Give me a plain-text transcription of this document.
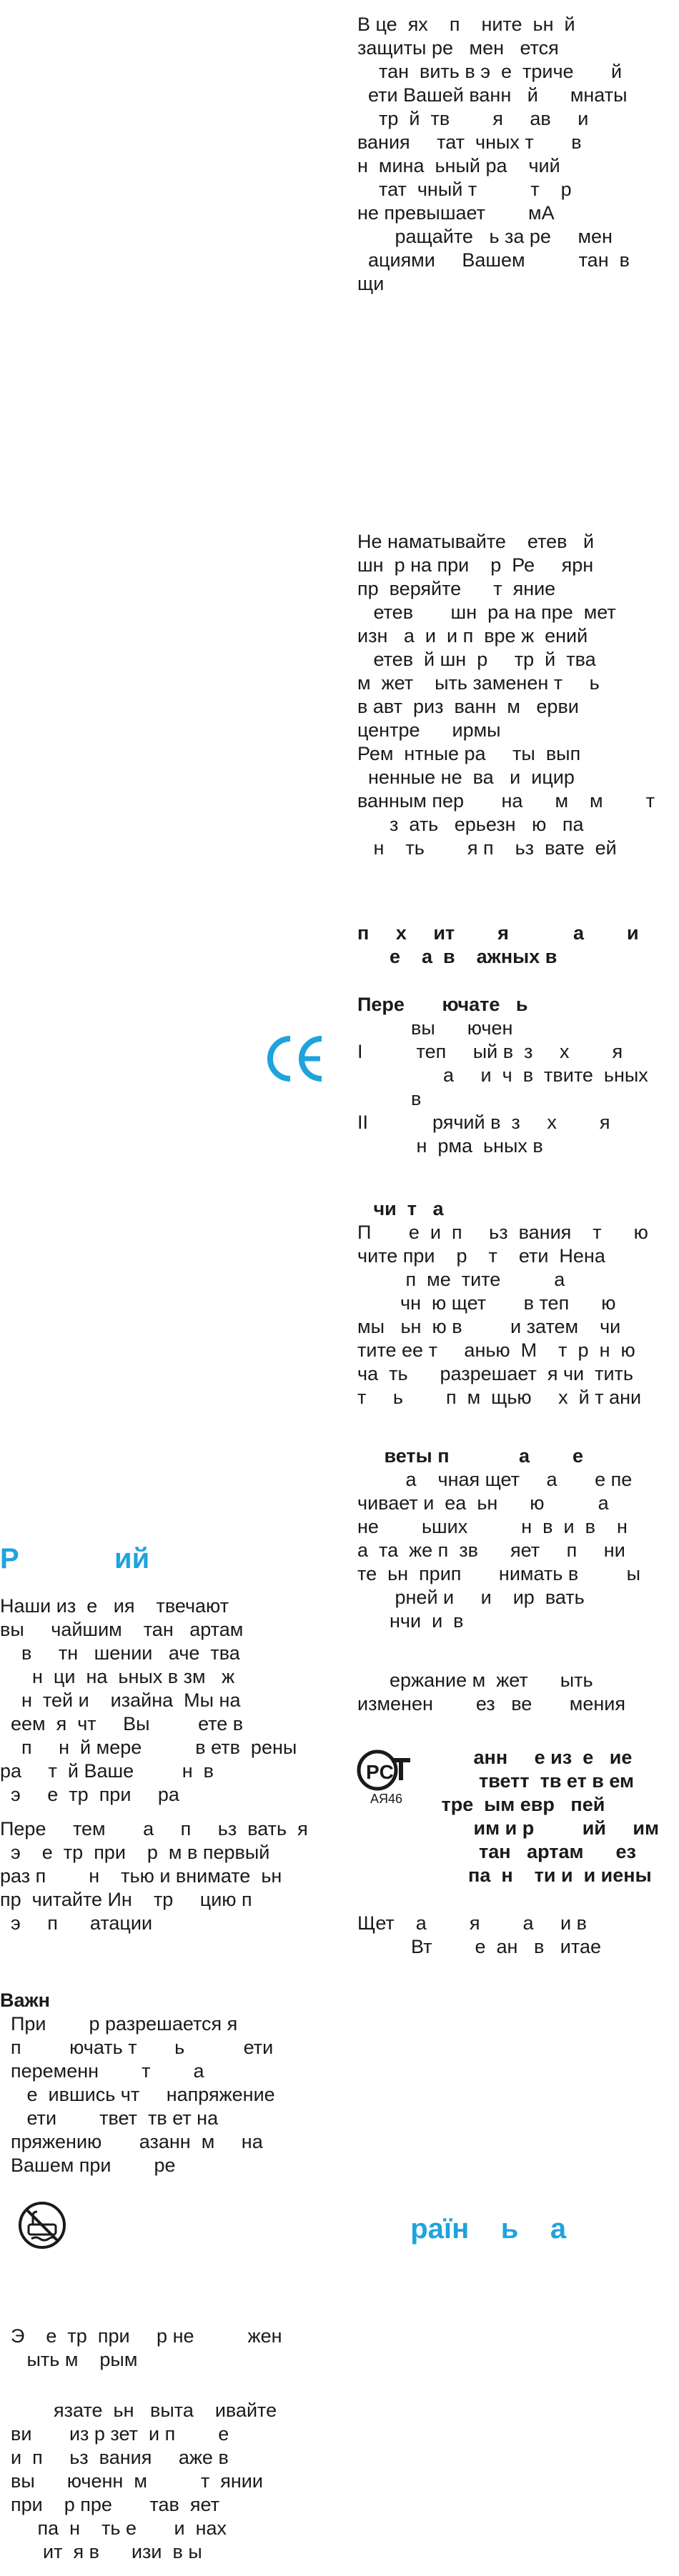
В це  ях    п    ните  ьн  й

защиты ре   мен   ется

тан  вить в э  е  триче       й

ети Вашей ванн   й      мнаты

тр  й  тв        я     ав     и

вания     тат  чных т       в

н  мина  ьный ра    чий

тат  чный т          т    р

не превышает        мА

ращайте   ь за ре     мен

ациями     Вашем          тан  в

щи

Не наматывайте    етев   й

шн  р на при    р  Ре     ярн

пр  веряйте      т  яние

етев       шн  ра на пре  мет

изн   а  и  и п  врe ж  ений

етев  й шн  р     тр  й  тва

м  жет    ыть заменен т     ь

в авт  риз  ванн  м   ерви

центре      ирмы

Рем  нтные ра     ты  вып

ненные не  ва   и  ицир

ванным пер       на      м    м        т

з  ать   ерьезн   ю   па

н    ть        я п    ьз  вате  ей

п     х     ит        я            а        и

е    а  в    ажных в

Пере       ючате   ь

вы      ючен

I          теп     ый в  з     х        я

а     и  ч  в  твите  ьных

в

II            рячий в  з     х        я

н  рма  ьных в

чи  т   а

П       е  и  п     ьз  вания    т      ю

чите при    р    т    ети  Нена

п  ме  тите          а

чн  ю щет       в теп      ю

мы   ьн  ю в         и затем    чи

тите ее т     анью  М    т  р  н  ю

ча  ть      разрешает  я чи  тить

т     ь        п  м  щью     х  й т ани

веты п             а        е

а    чная щет     а       е пе

чивает и  еа  ьн      ю          а

не        ьших          н  в  и  в    н

а  та  же п  зв      яет     п     ни

те  ьн  прип       нимать в         ы

рней и     и    ир  вать

нчи  и  в

ержание м  жет      ыть

изменен        ез   ве       мения

PC
АЯ46

анн     е из  е   ие

тветт  тв ет в ем

тре  ым евр   пей

им и р         ий     им

тан   артам      ез

па  н    ти и  и иены

Щет    а        я        а     и в

Вт        е  ан   в   итае

раїн    ь    а
Р            ий

Наши из  е   ия    твечают

вы     чайшим    тан   артам

в     тн   шении   аче  тва

н  ци  на  ьных в зм   ж

н  тей и    изайна  Мы на

еем  я  чт     Вы         ете в

п     н  й мере          в етв  рены

ра     т  й Ваше         н  в

э     е  тр  при     ра

Пере     тем       а     п     ьз  вать  я

э    е  тр  при    р  м в первый

раз п        н    тью и внимате  ьн

пр  читайте Ин    тр     цию п

э     п      атации

Важн

При        р разрешается я

п         ючать т       ь           ети

переменн        т        а

е  ившись чт     напряжение

ети        твет  тв ет на

пряжению       азанн  м     на

Вашем при        ре

Э    е  тр  при     р не          жен

ыть м    рым

язате  ьн   выта    ивайте

ви       из р зет  и п        е

и  п     ьз  вания     аже в

вы      юченн  м          т  янии

при    р пре       тав  яет

па  н    ть е       и  нах

ит  я в      изи  в ы
